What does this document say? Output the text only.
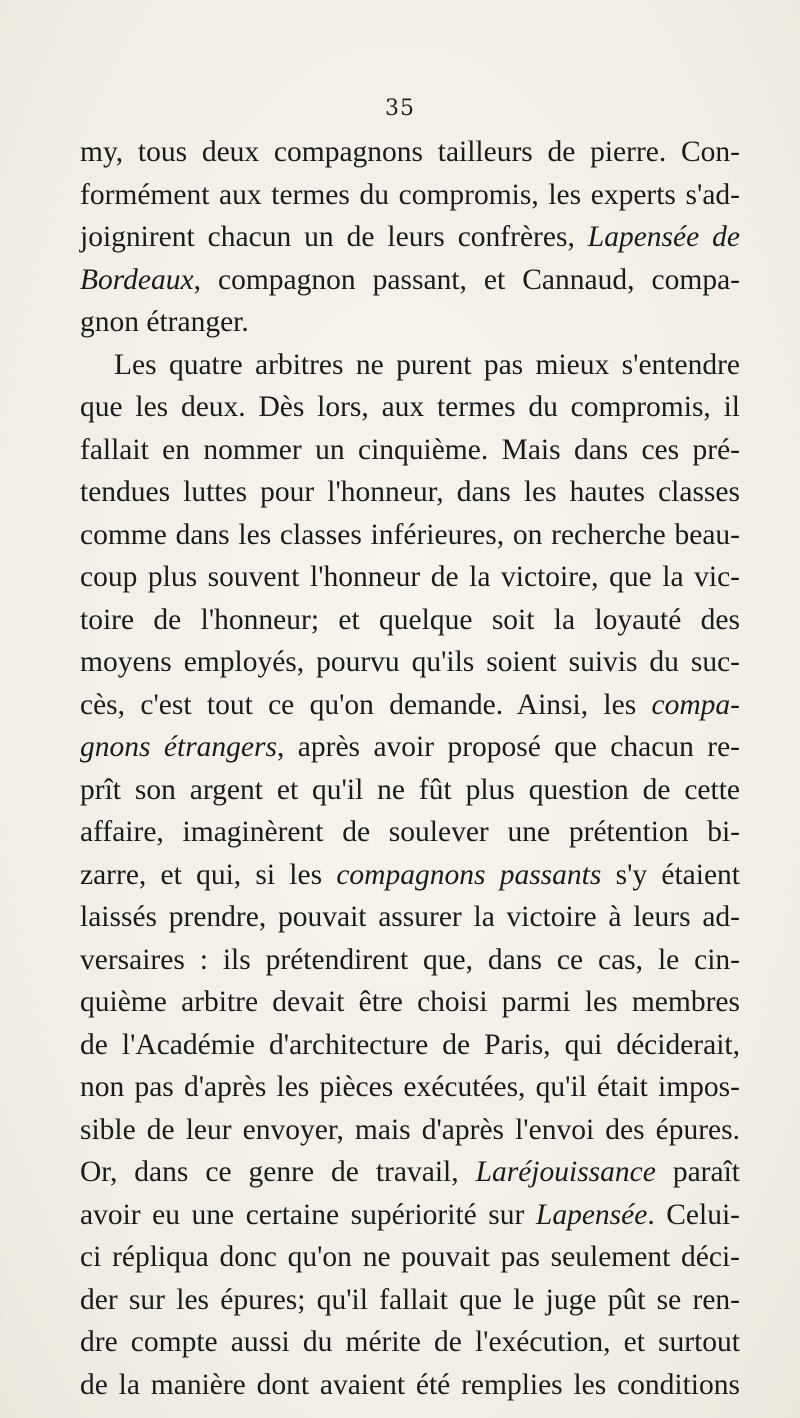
35
my, tous deux compagnons tailleurs de pierre. Con-
formément aux termes du compromis, les experts s'ad-
joignirent chacun un de leurs confrères, Lapensée de
Bordeaux, compagnon passant, et Cannaud, compa-
gnon étranger.
Les quatre arbitres ne purent pas mieux s'entendre
que les deux. Dès lors, aux termes du compromis, il
fallait en nommer un cinquième. Mais dans ces pré-
tendues luttes pour l'honneur, dans les hautes classes
comme dans les classes inférieures, on recherche beau-
coup plus souvent l'honneur de la victoire, que la vic-
toire de l'honneur; et quelque soit la loyauté des
moyens employés, pourvu qu'ils soient suivis du suc-
cès, c'est tout ce qu'on demande. Ainsi, les compa-
gnons étrangers, après avoir proposé que chacun re-
prît son argent et qu'il ne fût plus question de cette
affaire, imaginèrent de soulever une prétention bi-
zarre, et qui, si les compagnons passants s'y étaient
laissés prendre, pouvait assurer la victoire à leurs ad-
versaires : ils prétendirent que, dans ce cas, le cin-
quième arbitre devait être choisi parmi les membres
de l'Académie d'architecture de Paris, qui déciderait,
non pas d'après les pièces exécutées, qu'il était impos-
sible de leur envoyer, mais d'après l'envoi des épures.
Or, dans ce genre de travail, Laréjouissance paraît
avoir eu une certaine supériorité sur Lapensée. Celui-
ci répliqua donc qu'on ne pouvait pas seulement déci-
der sur les épures; qu'il fallait que le juge pût se ren-
dre compte aussi du mérite de l'exécution, et surtout
de la manière dont avaient été remplies les conditions
